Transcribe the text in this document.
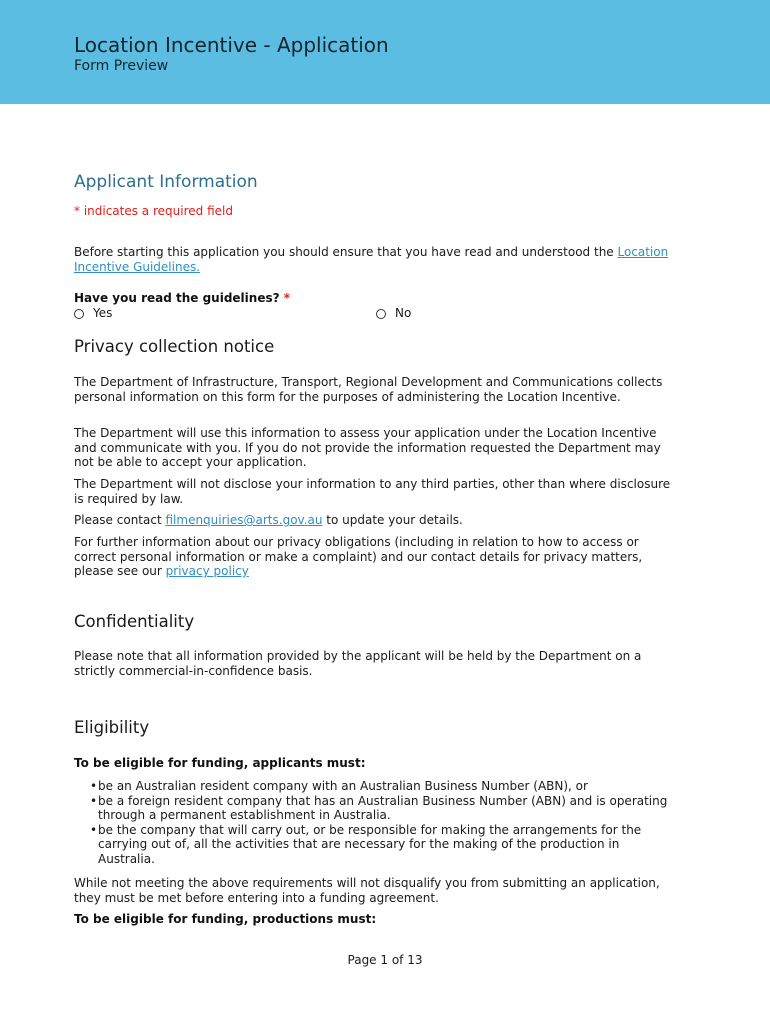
Location Incentive - Application
Form Preview
Applicant Information
* indicates a required field
Before starting this application you should ensure that you have read and understood the Location Incentive Guidelines.
Have you read the guidelines? *
Yes	No
Privacy collection notice
The Department of Infrastructure, Transport, Regional Development and Communications collects personal information on this form for the purposes of administering the Location Incentive.
The Department will use this information to assess your application under the Location Incentive and communicate with you. If you do not provide the information requested the Department may not be able to accept your application.
The Department will not disclose your information to any third parties, other than where disclosure is required by law.
Please contact filmenquiries@arts.gov.au to update your details.
For further information about our privacy obligations (including in relation to how to access or correct personal information or make a complaint) and our contact details for privacy matters, please see our privacy policy
Confidentiality
Please note that all information provided by the applicant will be held by the Department on a strictly commercial-in-confidence basis.
Eligibility
To be eligible for funding, applicants must:
• be an Australian resident company with an Australian Business Number (ABN), or
• be a foreign resident company that has an Australian Business Number (ABN) and is operating through a permanent establishment in Australia.
• be the company that will carry out, or be responsible for making the arrangements for the carrying out of, all the activities that are necessary for the making of the production in Australia.
While not meeting the above requirements will not disqualify you from submitting an application, they must be met before entering into a funding agreement.
To be eligible for funding, productions must:
Page 1 of 13
